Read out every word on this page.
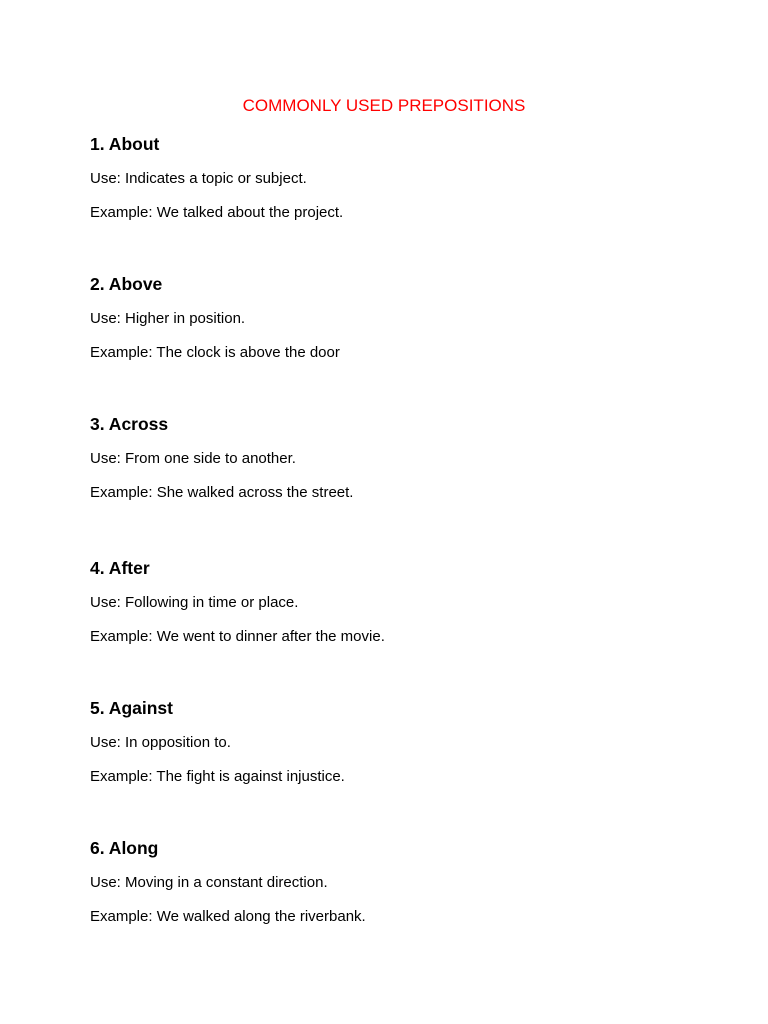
COMMONLY USED PREPOSITIONS
1. About

Use: Indicates a topic or subject.

Example: We talked about the project.

2. Above

Use: Higher in position.

Example: The clock is above the door

3. Across

Use: From one side to another.

Example: She walked across the street.

4. After

Use: Following in time or place.

Example: We went to dinner after the movie.

5. Against

Use: In opposition to.

Example: The fight is against injustice.

6. Along

Use: Moving in a constant direction.

Example: We walked along the riverbank.
